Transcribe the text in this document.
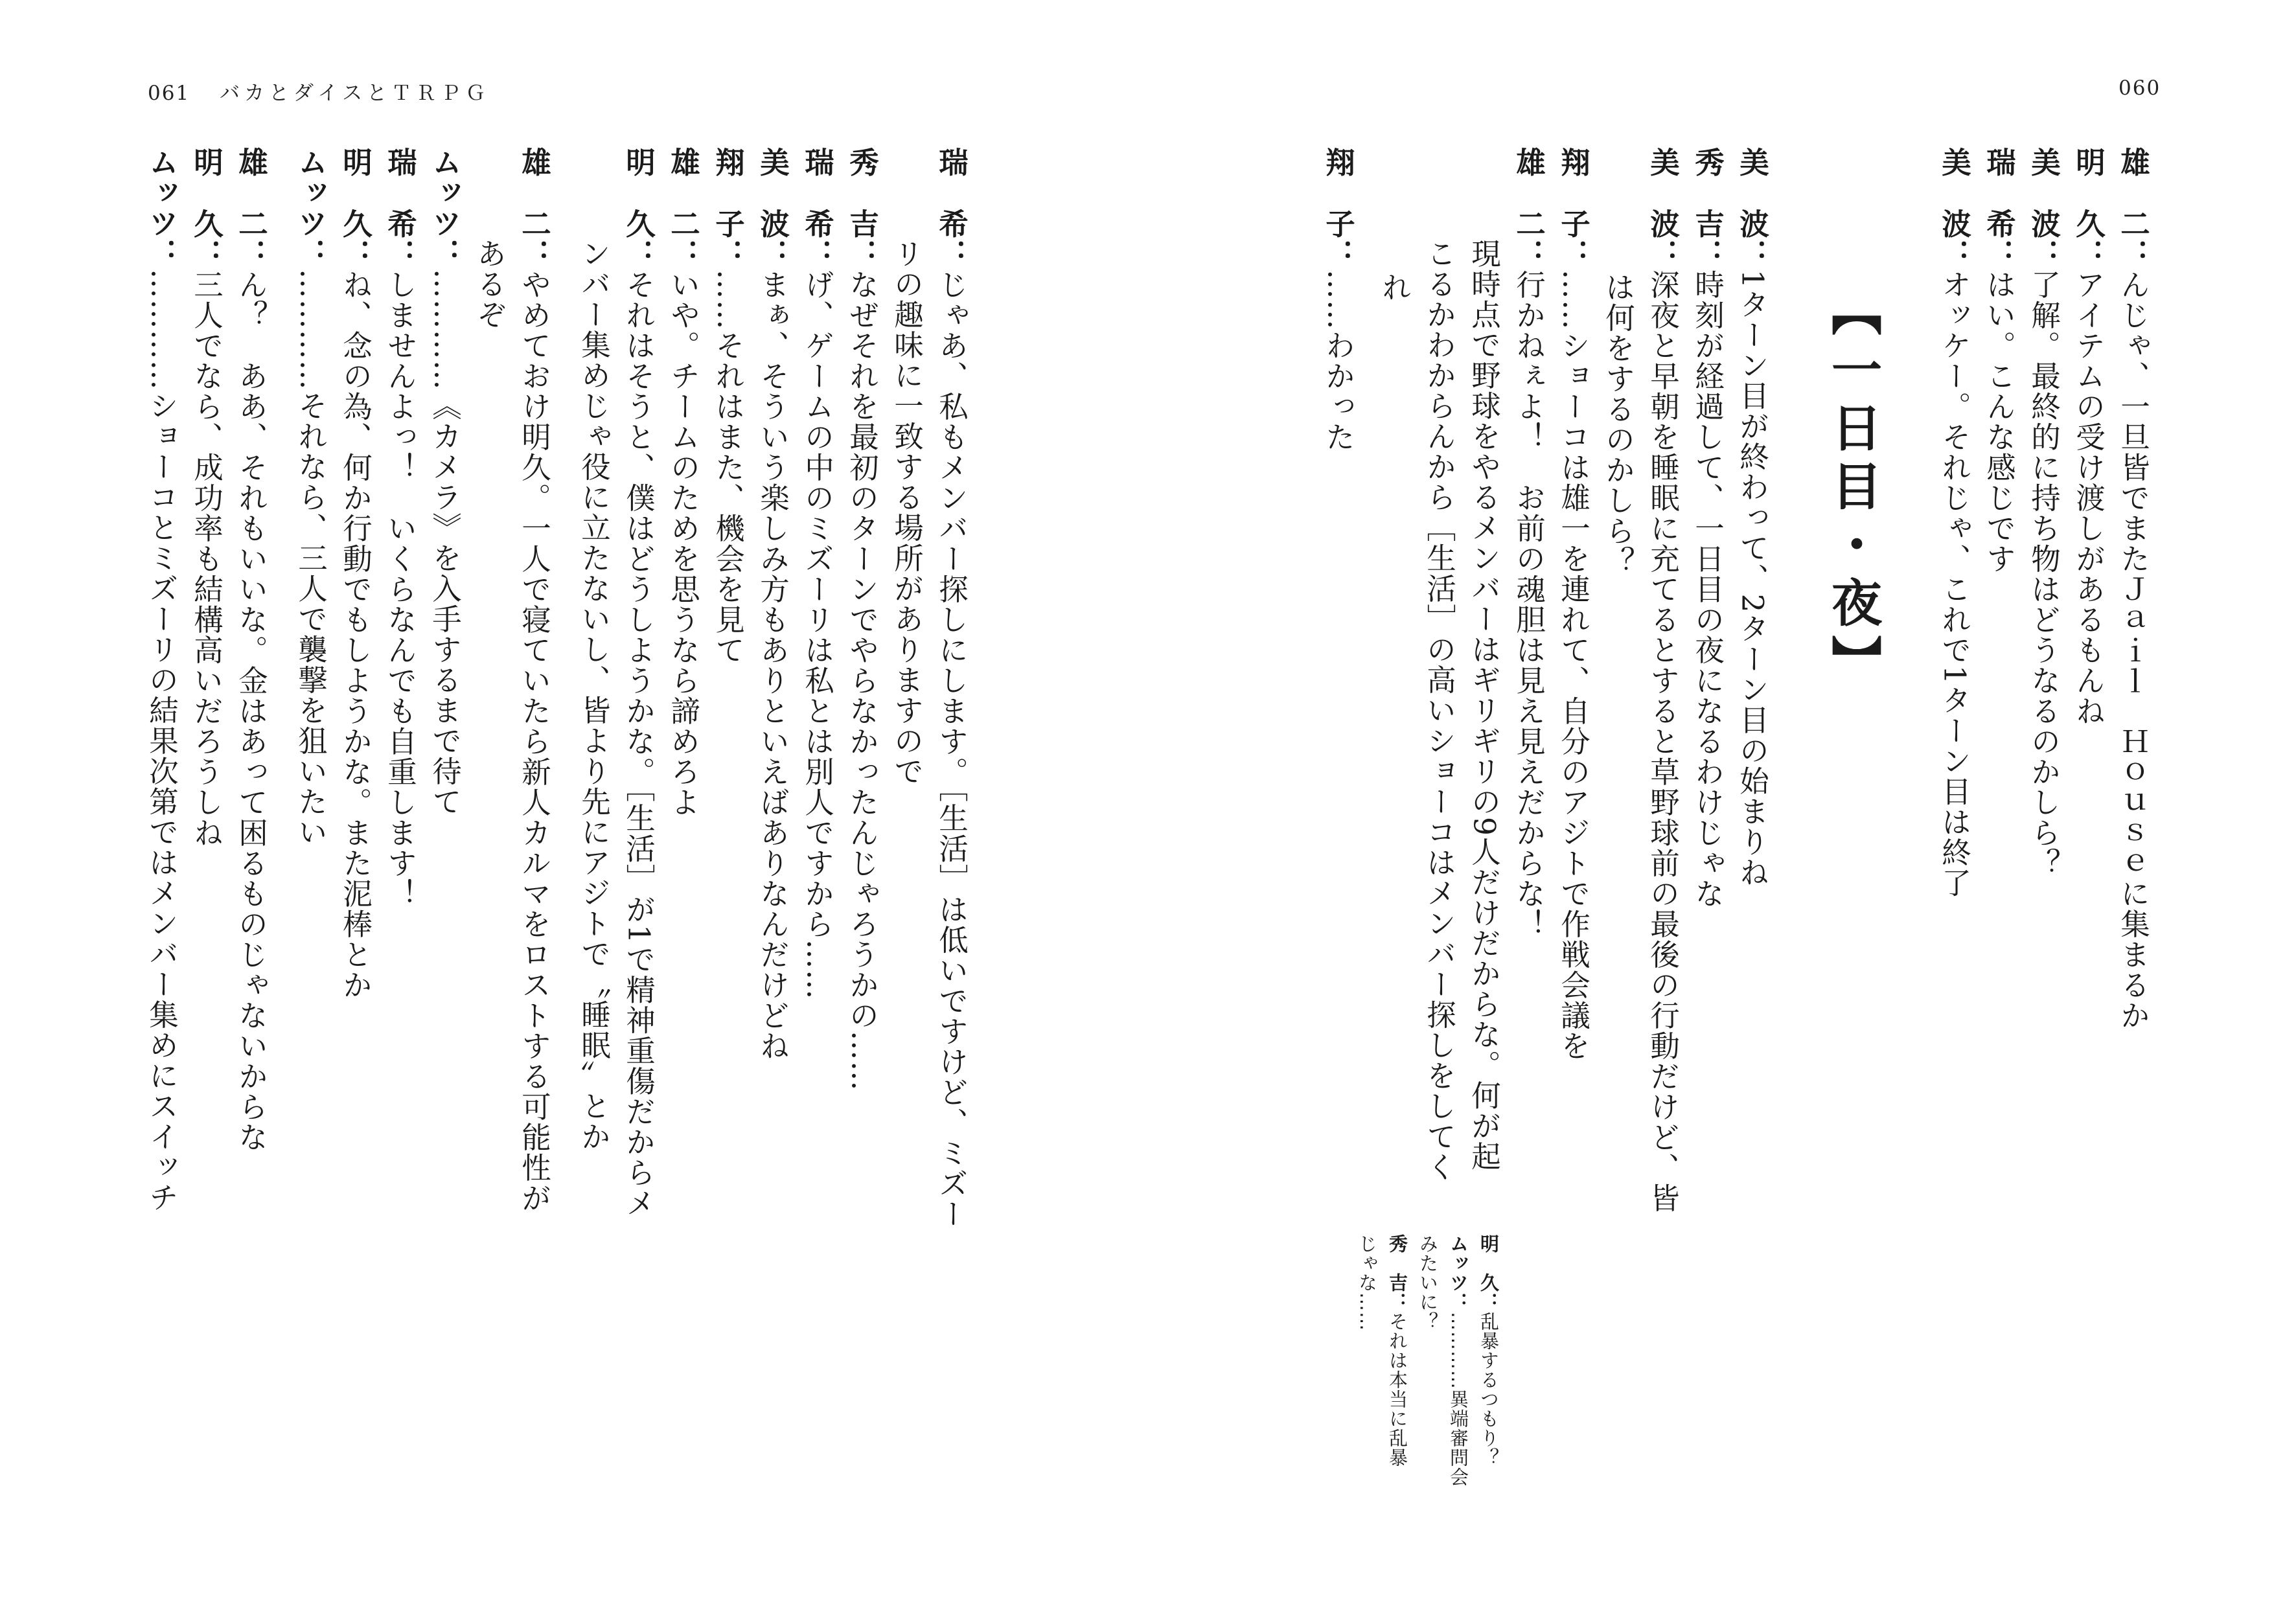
061 バカとダイスとＴＲＰＧ	060
雄二：んじゃ、一旦皆でまたＪａｉｌ　Ｈｏｕｓｅに集まるか
明久：アイテムの受け渡しがあるもんね
美波：了解。最終的に持ち物はどうなるのかしら？
瑞希：はい。こんな感じです
美波：オッケー。それじゃ、これで1ターン目は終了
【一日目・夜】
美波：1ターン目が終わって、2ターン目の始まりね
秀吉：時刻が経過して、一日目の夜になるわけじゃな
美波：深夜と早朝を睡眠に充てるとすると草野球前の最後の行動だけど、皆
は何をするのかしら？
翔子：……ショーコは雄一を連れて、自分のアジトで作戦会議を
雄二：行かねぇよ！　お前の魂胆は見え見えだからな！
現時点で野球をやるメンバーはギリギリの9人だけだからな。何が起
こるかわからんから［生活］の高いショーコはメンバー探しをしてく
れ
翔子：……わかった
明久：乱暴するつもり？
ムッツ：…………異端審問会
みたいに？
秀吉：それは本当に乱暴
じゃな……
瑞希：じゃあ、私もメンバー探しにします。［生活］は低いですけど、ミズー
リの趣味に一致する場所がありますので
秀吉：なぜそれを最初のターンでやらなかったんじゃろうかの……
瑞希：げ、ゲームの中のミズーリは私とは別人ですから……
美波：まぁ、そういう楽しみ方もありといえばありなんだけどね
翔子：……それはまた、機会を見て
雄二：いや。チームのためを思うなら諦めろよ
明久：それはそうと、僕はどうしようかな。［生活］が1で精神重傷だからメ
ンバー集めじゃ役に立たないし、皆より先にアジトで〝睡眠〟とか
雄二：やめておけ明久。一人で寝ていたら新人カルマをロストする可能性が
あるぞ
ムッツ：…………《カメラ》を入手するまで待て
瑞希：しませんよっ！　いくらなんでも自重します！
明久：ね、念の為、何か行動でもしようかな。また泥棒とか
ムッツ：…………それなら、三人で襲撃を狙いたい
雄二：ん？　ああ、それもいいな。金はあって困るものじゃないからな
明久：三人でなら、成功率も結構高いだろうしね
ムッツ：…………ショーコとミズーリの結果次第ではメンバー集めにスイッチ
